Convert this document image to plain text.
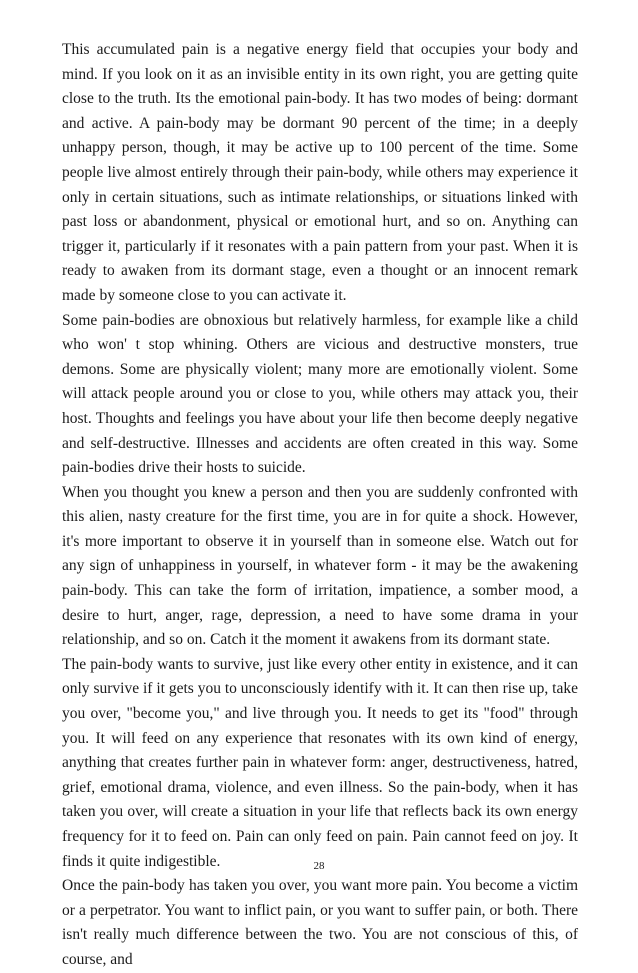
This accumulated pain is a negative energy field that occupies your body and mind. If you look on it as an invisible entity in its own right, you are getting quite close to the truth. Its the emotional pain-body. It has two modes of being: dormant and active. A pain-body may be dormant 90 percent of the time; in a deeply unhappy person, though, it may be active up to 100 percent of the time. Some people live almost entirely through their pain-body, while others may experience it only in certain situations, such as intimate relationships, or situations linked with past loss or abandonment, physical or emotional hurt, and so on. Anything can trigger it, particularly if it resonates with a pain pattern from your past. When it is ready to awaken from its dormant stage, even a thought or an innocent remark made by someone close to you can activate it.

Some pain-bodies are obnoxious but relatively harmless, for example like a child who won' t stop whining. Others are vicious and destructive monsters, true demons. Some are physically violent; many more are emotionally violent. Some will attack people around you or close to you, while others may attack you, their host. Thoughts and feelings you have about your life then become deeply negative and self-destructive. Illnesses and accidents are often created in this way. Some pain-bodies drive their hosts to suicide.

When you thought you knew a person and then you are suddenly confronted with this alien, nasty creature for the first time, you are in for quite a shock. However, it's more important to observe it in yourself than in someone else. Watch out for any sign of unhappiness in yourself, in whatever form - it may be the awakening pain-body. This can take the form of irritation, impatience, a somber mood, a desire to hurt, anger, rage, depression, a need to have some drama in your relationship, and so on. Catch it the moment it awakens from its dormant state.

The pain-body wants to survive, just like every other entity in existence, and it can only survive if it gets you to unconsciously identify with it. It can then rise up, take you over, "become you," and live through you. It needs to get its "food" through you. It will feed on any experience that resonates with its own kind of energy, anything that creates further pain in whatever form: anger, destructiveness, hatred, grief, emotional drama, violence, and even illness. So the pain-body, when it has taken you over, will create a situation in your life that reflects back its own energy frequency for it to feed on. Pain can only feed on pain. Pain cannot feed on joy. It finds it quite indigestible.

Once the pain-body has taken you over, you want more pain. You become a victim or a perpetrator. You want to inflict pain, or you want to suffer pain, or both. There isn't really much difference between the two. You are not conscious of this, of course, and

28
